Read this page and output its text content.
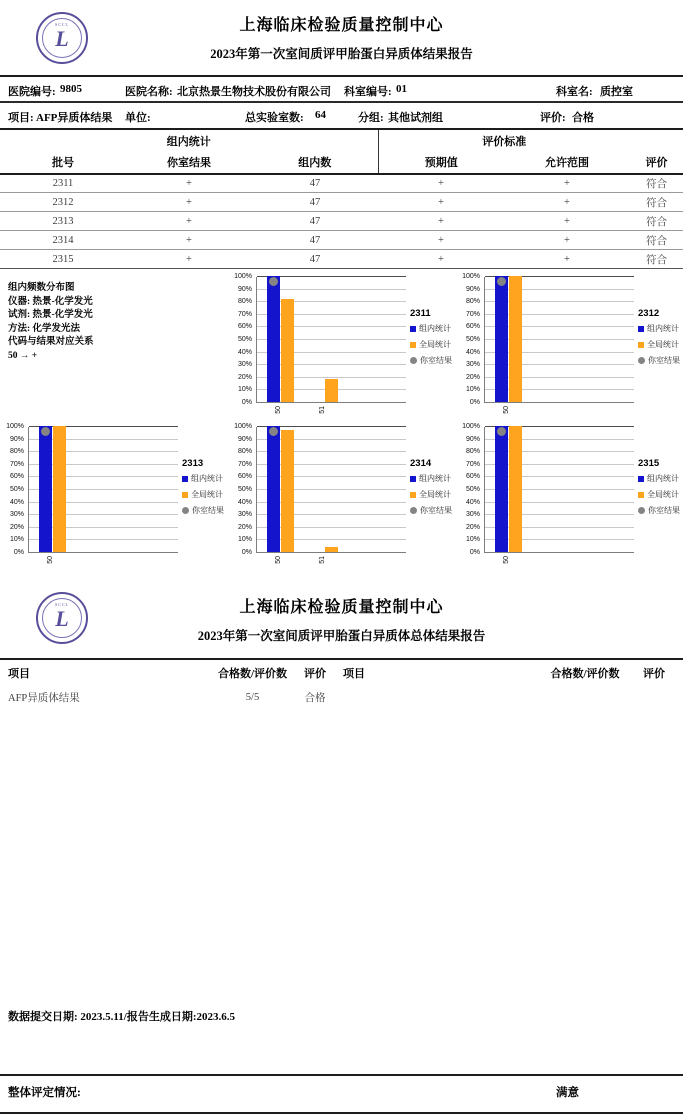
SCCL
L
上海临床检验质量控制中心
2023年第一次室间质评甲胎蛋白异质体结果报告
医院编号: 9805	医院名称: 北京热景生物技术股份有限公司 科室编号: 01	科室名: 质控室
项目: AFP异质体结果 单位:	总实验室数: 64	分组: 其他试剂组	评价: 合格
组内统计			评价标准		
批号	你室结果	组内数	预期值	允许范围	评价
2311	+	47	+	+	符合
2312	+	47	+	+	符合
2313	+	47	+	+	符合
2314	+	47	+	+	符合
2315	+	47	+	+	符合
组内频数分布图
仪器: 热景-化学发光
试剂: 热景-化学发光
方法: 化学发光法
代码与结果对应关系
50 → +
0%
10%
20%
30%
40%
50%
60%
70%
80%
90%
100%
50	51
2311
组内统计
全局统计
你室结果
0%
10%
20%
30%
40%
50%
60%
70%
80%
90%
100%
50
2312
组内统计
全局统计
你室结果
0%
10%
20%
30%
40%
50%
60%
70%
80%
90%
100%
50
2313
组内统计
全局统计
你室结果
0%
10%
20%
30%
40%
50%
60%
70%
80%
90%
100%
50	51
2314
组内统计
全局统计
你室结果
0%
10%
20%
30%
40%
50%
60%
70%
80%
90%
100%
50
2315
组内统计
全局统计
你室结果
SCCL
L	上海临床检验质量控制中心
2023年第一次室间质评甲胎蛋白异质体总体结果报告
项目	合格数/评价数	评价	项目	合格数/评价数	评价
AFP异质体结果	5/5	合格			
数据提交日期: 2023.5.11/报告生成日期:2023.6.5
整体评定情况:	满意
